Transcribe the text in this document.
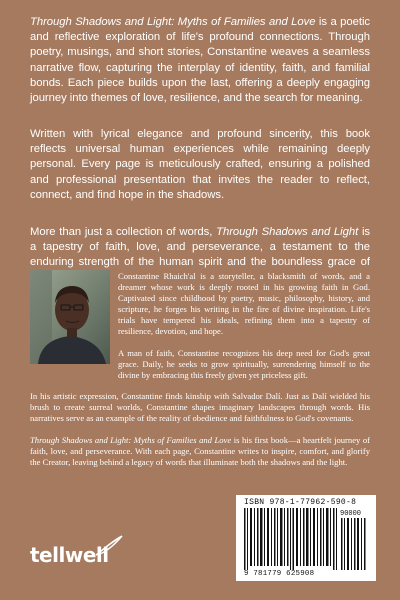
Through Shadows and Light: Myths of Families and Love is a poetic and reflective exploration of life's profound connections. Through poetry, musings, and short stories, Constantine weaves a seamless narrative flow, capturing the interplay of identity, faith, and familial bonds. Each piece builds upon the last, offering a deeply engaging journey into themes of love, resilience, and the search for meaning.

Written with lyrical elegance and profound sincerity, this book reflects universal human experiences while remaining deeply personal. Every page is meticulously crafted, ensuring a polished and professional presentation that invites the reader to reflect, connect, and find hope in the shadows.

More than just a collection of words, Through Shadows and Light is a tapestry of faith, love, and perseverance, a testament to the enduring strength of the human spirit and the boundless grace of

Constantine Rhaich'al is a storyteller, a blacksmith of words, and a dreamer whose work is deeply rooted in his growing faith in God. Captivated since childhood by poetry, music, philosophy, history, and scripture, he forges his writing in the fire of divine inspiration. Life's trials have tempered his ideals, refining them into a tapestry of resilience, devotion, and hope.

A man of faith, Constantine recognizes his deep need for God's great grace. Daily, he seeks to grow spiritually, surrendering himself to the divine by embracing this freely given yet priceless gift.

In his artistic expression, Constantine finds kinship with Salvador Dalí. Just as Dalí wielded his brush to create surreal worlds, Constantine shapes imaginary landscapes through words. His narratives serve as an example of the reality of obedience and faithfulness to God's covenants.

Through Shadows and Light: Myths of Families and Love is his first book—a heartfelt journey of faith, love, and perseverance. With each page, Constantine writes to inspire, comfort, and glorify the Creator, leaving behind a legacy of words that illuminate both the shadows and the light.

ISBN 978-1-77962-590-8
90000
9 781779 625908
tellwell
